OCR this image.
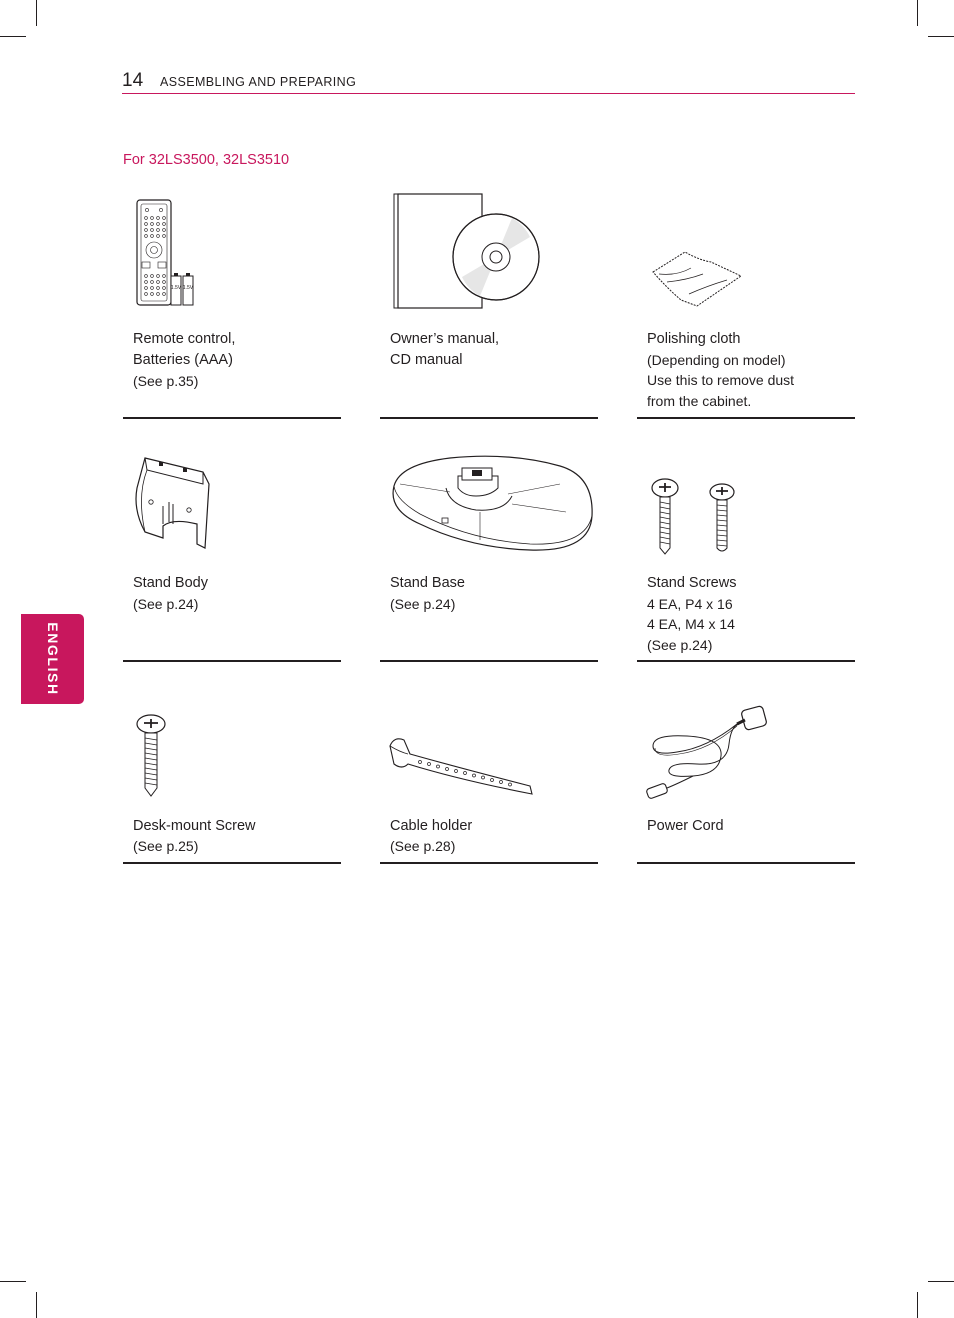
14 ASSEMBLING AND PREPARING
For 32LS3500, 32LS3510
ENGLISH
1.5V 1.5V
Remote control,
Batteries (AAA)
(See p.35)
Owner’s manual,
CD manual
Polishing cloth
(Depending on model)
Use this to remove dust
from the cabinet.
Stand Body
(See p.24)
Stand Base
(See p.24)
Stand Screws
4 EA, P4 x 16
4 EA, M4 x 14
(See p.24)
Desk-mount Screw
(See p.25)
Cable holder
(See p.28)
Power Cord
